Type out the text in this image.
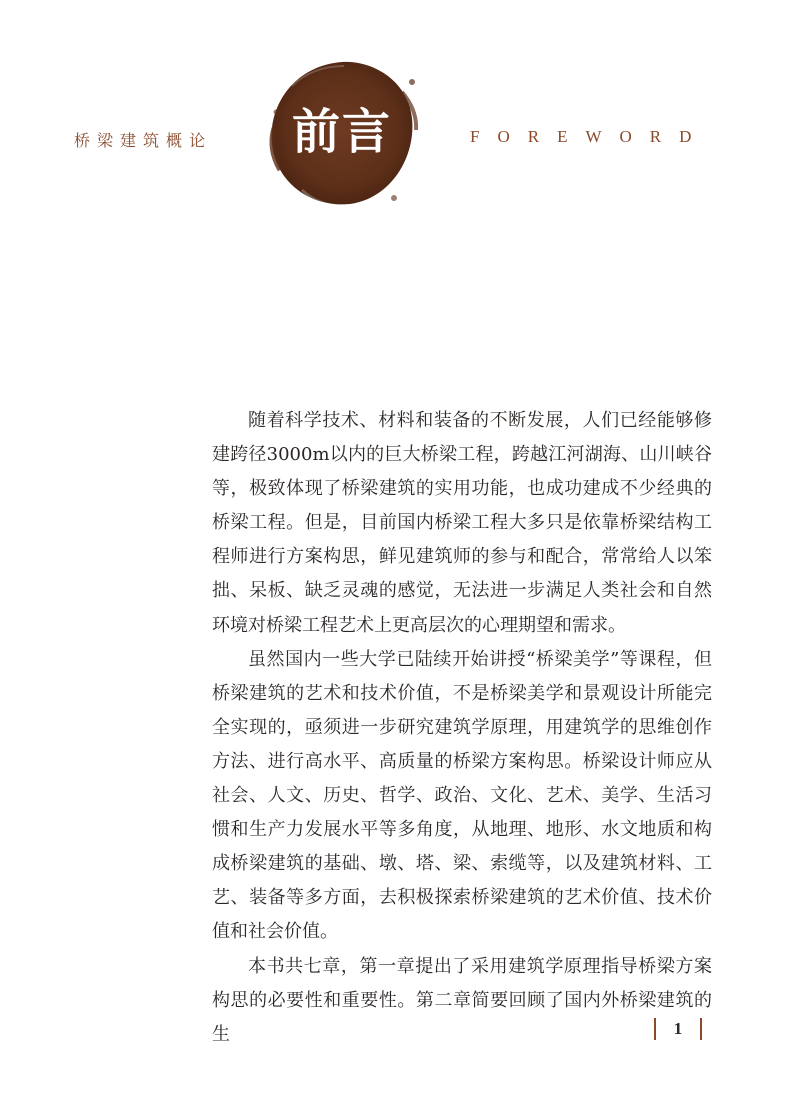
桥梁建筑概论	前言	FOREWORD

随着科学技术、材料和装备的不断发展，人们已经能够修建跨径3000m以内的巨大桥梁工程，跨越江河湖海、山川峡谷等，极致体现了桥梁建筑的实用功能，也成功建成不少经典的桥梁工程。但是，目前国内桥梁工程大多只是依靠桥梁结构工程师进行方案构思，鲜见建筑师的参与和配合，常常给人以笨拙、呆板、缺乏灵魂的感觉，无法进一步满足人类社会和自然环境对桥梁工程艺术上更高层次的心理期望和需求。

虽然国内一些大学已陆续开始讲授“桥梁美学”等课程，但桥梁建筑的艺术和技术价值，不是桥梁美学和景观设计所能完全实现的，亟须进一步研究建筑学原理，用建筑学的思维创作方法、进行高水平、高质量的桥梁方案构思。桥梁设计师应从社会、人文、历史、哲学、政治、文化、艺术、美学、生活习惯和生产力发展水平等多角度，从地理、地形、水文地质和构成桥梁建筑的基础、墩、塔、梁、索缆等，以及建筑材料、工艺、装备等多方面，去积极探索桥梁建筑的艺术价值、技术价值和社会价值。

本书共七章，第一章提出了采用建筑学原理指导桥梁方案构思的必要性和重要性。第二章简要回顾了国内外桥梁建筑的生	1
